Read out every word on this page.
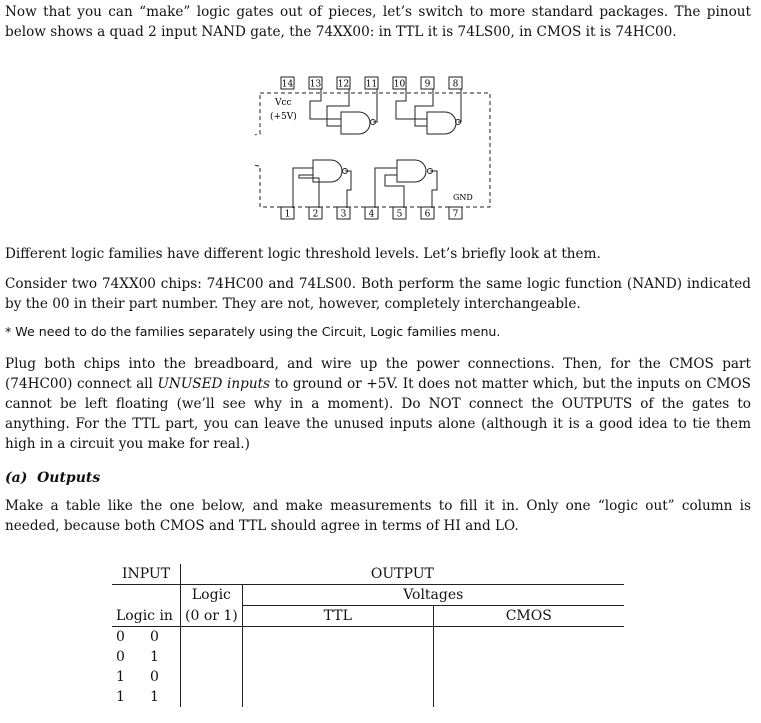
Now that you can “make” logic gates out of pieces, let’s switch to more standard packages. The pinout below shows a quad 2 input NAND gate, the 74XX00: in TTL it is 74LS00, in CMOS it is 74HC00.

14 13 12 11 10 9 8
1 2 3 4 5 6 7
Vcc
(+5V)
GND

Different logic families have different logic threshold levels. Let’s briefly look at them.

Consider two 74XX00 chips: 74HC00 and 74LS00. Both perform the same logic function (NAND) indicated by the 00 in their part number. They are not, however, completely interchangeable.

* We need to do the families separately using the Circuit, Logic families menu.

Plug both chips into the breadboard, and wire up the power connections. Then, for the CMOS part (74HC00) connect all UNUSED inputs to ground or +5V. It does not matter which, but the inputs on CMOS cannot be left floating (we’ll see why in a moment). Do NOT connect the OUTPUTS of the gates to anything. For the TTL part, you can leave the unused inputs alone (although it is a good idea to tie them high in a circuit you make for real.)

(a) Outputs

Make a table like the one below, and make measurements to fill it in. Only one “logic out” column is needed, because both CMOS and TTL should agree in terms of HI and LO.

INPUT		OUTPUT		
		Logic	Voltages	
Logic in		(0 or 1)	TTL	CMOS
0	0			
0	1			
1	0			
1	1			
